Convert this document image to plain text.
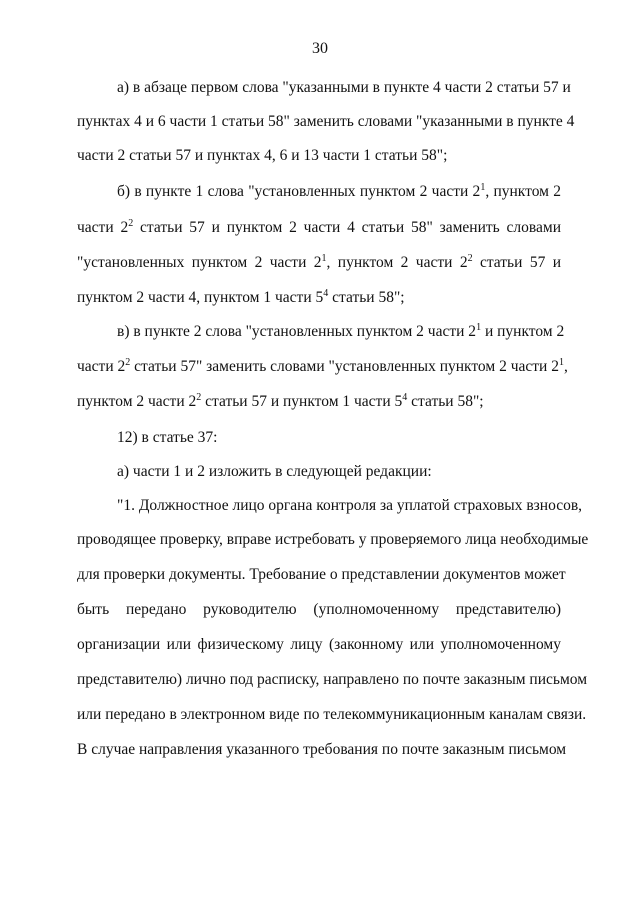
30
а) в абзаце первом слова "указанными в пункте 4 части 2 статьи 57 и
пунктах 4 и 6 части 1 статьи 58" заменить словами "указанными в пункте 4
части 2 статьи 57 и пунктах 4, 6 и 13 части 1 статьи 58";
б) в пункте 1 слова "установленных пунктом 2 части $2^1$, пунктом 2
части $2^2$ статьи 57 и пунктом 2 части 4 статьи 58" заменить словами
"установленных пунктом 2 части $2^1$, пунктом 2 части $2^2$ статьи 57 и
пунктом 2 части 4, пунктом 1 части $5^4$ статьи 58";
в) в пункте 2 слова "установленных пунктом 2 части $2^1$ и пунктом 2
части $2^2$ статьи 57" заменить словами "установленных пунктом 2 части $2^1$,
пунктом 2 части $2^2$ статьи 57 и пунктом 1 части $5^4$ статьи 58";
12) в статье 37:
а) части 1 и 2 изложить в следующей редакции:
"1. Должностное лицо органа контроля за уплатой страховых взносов,
проводящее проверку, вправе истребовать у проверяемого лица необходимые
для проверки документы. Требование о представлении документов может
быть передано руководителю (уполномоченному представителю)
организации или физическому лицу (законному или уполномоченному
представителю) лично под расписку, направлено по почте заказным письмом
или передано в электронном виде по телекоммуникационным каналам связи.
В случае направления указанного требования по почте заказным письмом
